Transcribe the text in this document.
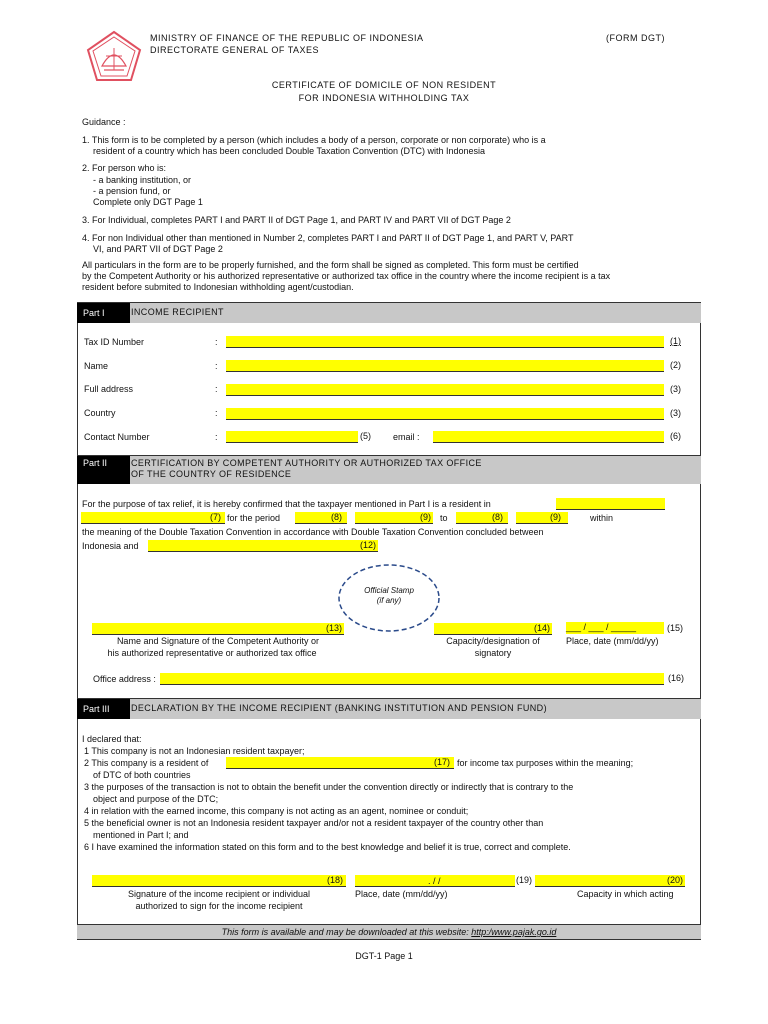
MINISTRY OF FINANCE OF THE REPUBLIC OF INDONESIA
DIRECTORATE GENERAL OF TAXES
(FORM DGT)
CERTIFICATE OF DOMICILE OF NON RESIDENT
FOR INDONESIA WITHHOLDING TAX
Guidance :
1. This form is to be completed by a person (which includes a body of a person, corporate or non corporate) who is a
resident of a country which has been concluded Double Taxation Convention (DTC) with Indonesia
2. For person who is:
- a banking institution, or
- a pension fund, or
Complete only DGT Page 1
3. For Individual, completes PART I and PART II of DGT Page 1, and PART IV and PART VII of DGT Page 2
4. For non Individual other than mentioned in Number 2, completes PART I and PART II of DGT Page 1, and PART V, PART
VI, and PART VII of DGT Page 2
All particulars in the form are to be properly furnished, and the form shall be signed as completed. This form must be certified
by the Competent Authority or his authorized representative or authorized tax office in the country where the income recipient is a tax
resident before submited to Indonesian withholding agent/custodian.
Part I	INCOME RECIPIENT
Tax ID Number	:	(1)
Name	:	(2)
Full address	:	(3)
Country	:	(3)
Contact Number	:	(5) email :	(6)
Part II	CERTIFICATION BY COMPETENT AUTHORITY OR AUTHORIZED TAX OFFICE
OF THE COUNTRY OF RESIDENCE
For the purpose of tax relief, it is hereby confirmed that the taxpayer mentioned in Part I is a resident in
(7) for the period	(8)	(9) to	(8)	(9)	within
the meaning of the Double Taxation Convention in accordance with Double Taxation Convention concluded between
Indonesia and	(12)
Official Stamp
(if any)
(13)	(14) ___ / ___ / _____	(15)
Name and Signature of the Competent Authority or
his authorized representative or authorized tax office
Capacity/designation of
signatory
Place, date (mm/dd/yy)
Office address :	(16)
Part III	DECLARATION BY THE INCOME RECIPIENT (BANKING INSTITUTION AND PENSION FUND)
I declared that:
1 This company is not an Indonesian resident taxpayer;
2 This company is a resident of	(17) for income tax purposes within the meaning;
of DTC of both countries
3 the purposes of the transaction is not to obtain the benefit under the convention directly or indirectly that is contrary to the
object and purpose of the DTC;
4 in relation with the earned income, this company is not acting as an agent, nominee or conduit;
5 the beneficial owner is not an Indonesia resident taxpayer and/or not a resident taxpayer of the country other than
mentioned in Part I; and
6 I have examined the information stated on this form and to the best knowledge and belief it is true, correct and complete.
(18)	. / /	(19)	(20)
Signature of the income recipient or individual
authorized to sign for the income recipient
Place, date (mm/dd/yy)	Capacity in which acting
This form is available and may be downloaded at this website: http:/www.pajak.go.id
DGT-1 Page 1
